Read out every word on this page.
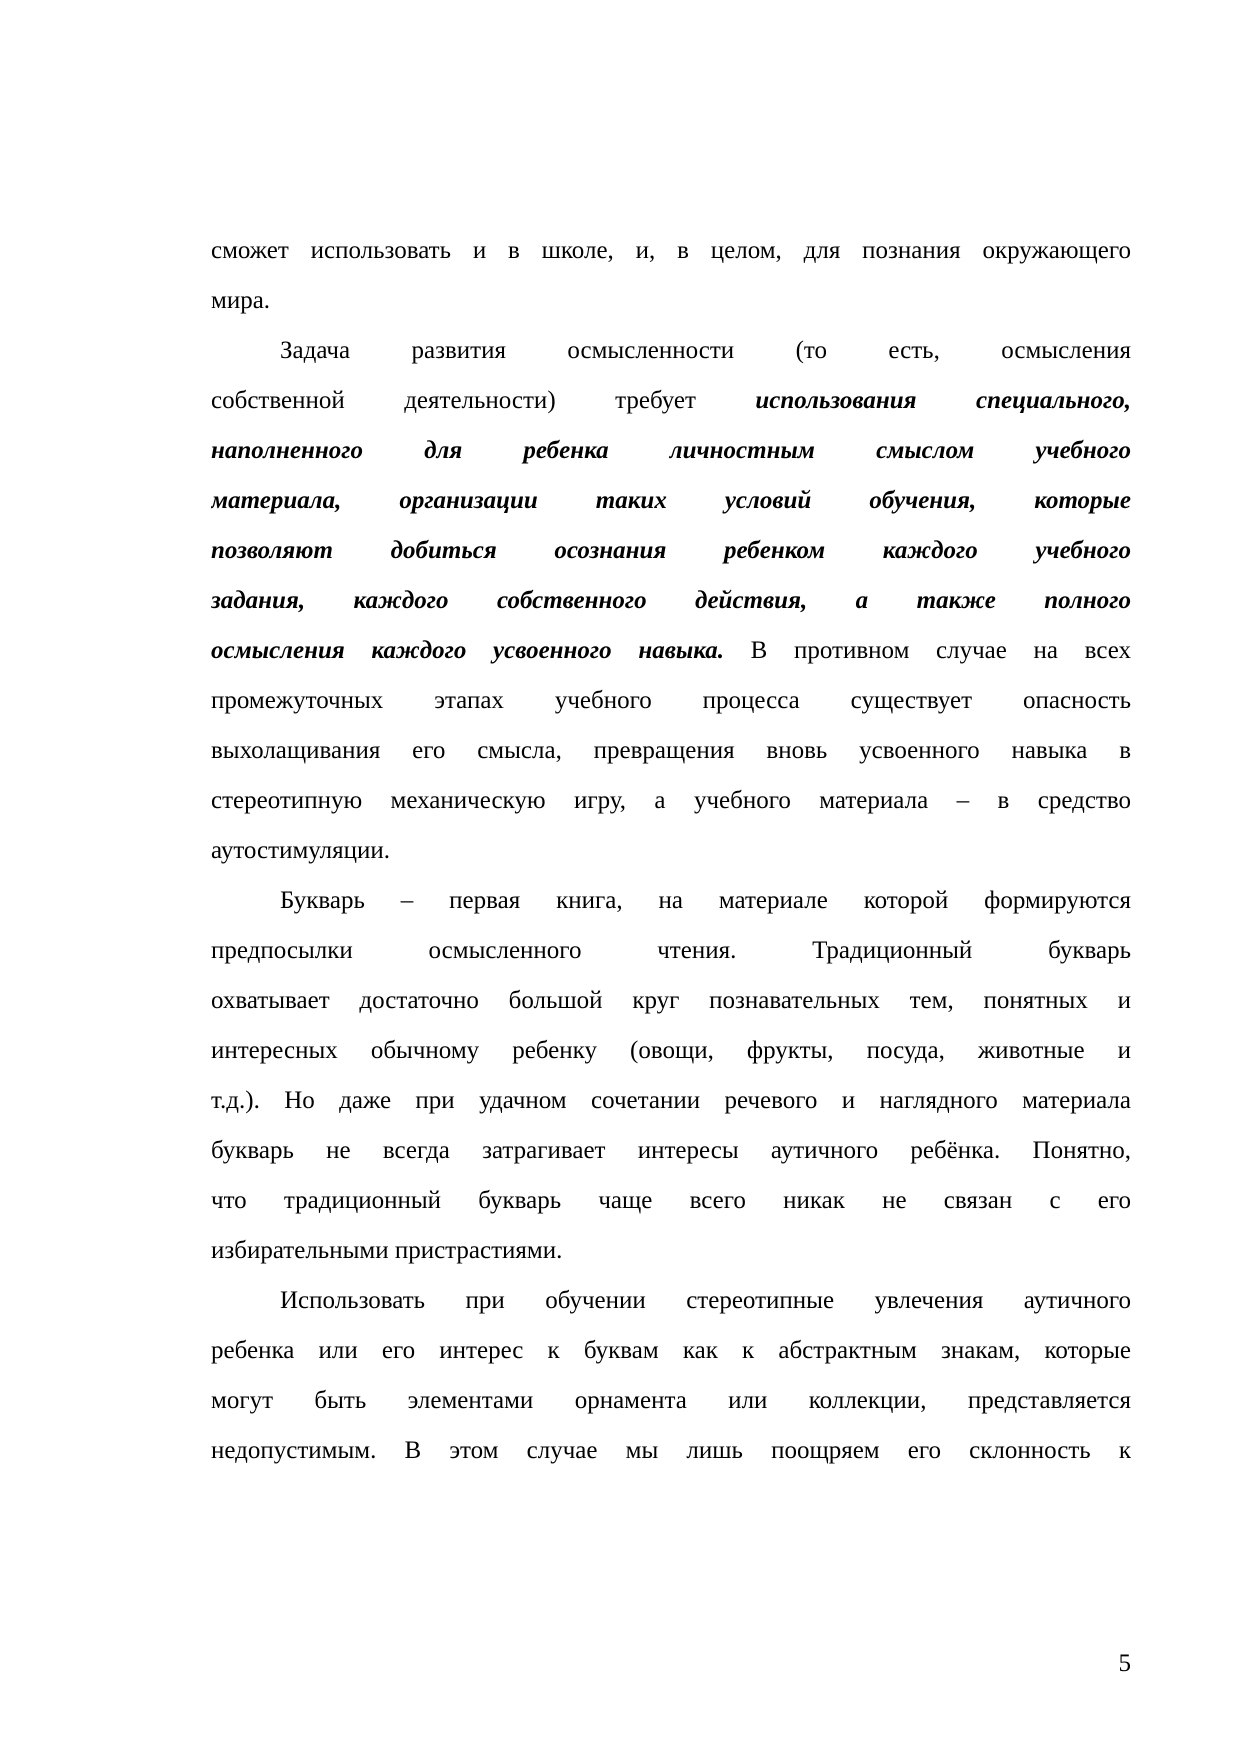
сможет использовать и в школе, и, в целом, для познания окружающего
мира.
Задача развития осмысленности (то есть, осмысления
собственной деятельности) требует использования специального,
наполненного для ребенка личностным смыслом учебного
материала, организации таких условий обучения, которые
позволяют добиться осознания ребенком каждого учебного
задания, каждого собственного действия, а также полного
осмысления каждого усвоенного навыка. В противном случае на всех
промежуточных этапах учебного процесса существует опасность
выхолащивания его смысла, превращения вновь усвоенного навыка в
стереотипную механическую игру, а учебного материала – в средство
аутостимуляции.
Букварь – первая книга, на материале которой формируются
предпосылки осмысленного чтения. Традиционный букварь
охватывает достаточно большой круг познавательных тем, понятных и
интересных обычному ребенку (овощи, фрукты, посуда, животные и
т.д.). Но даже при удачном сочетании речевого и наглядного материала
букварь не всегда затрагивает интересы аутичного ребёнка. Понятно,
что традиционный букварь чаще всего никак не связан с его
избирательными пристрастиями.
Использовать при обучении стереотипные увлечения аутичного
ребенка или его интерес к буквам как к абстрактным знакам, которые
могут быть элементами орнамента или коллекции, представляется
недопустимым. В этом случае мы лишь поощряем его склонность к
5
